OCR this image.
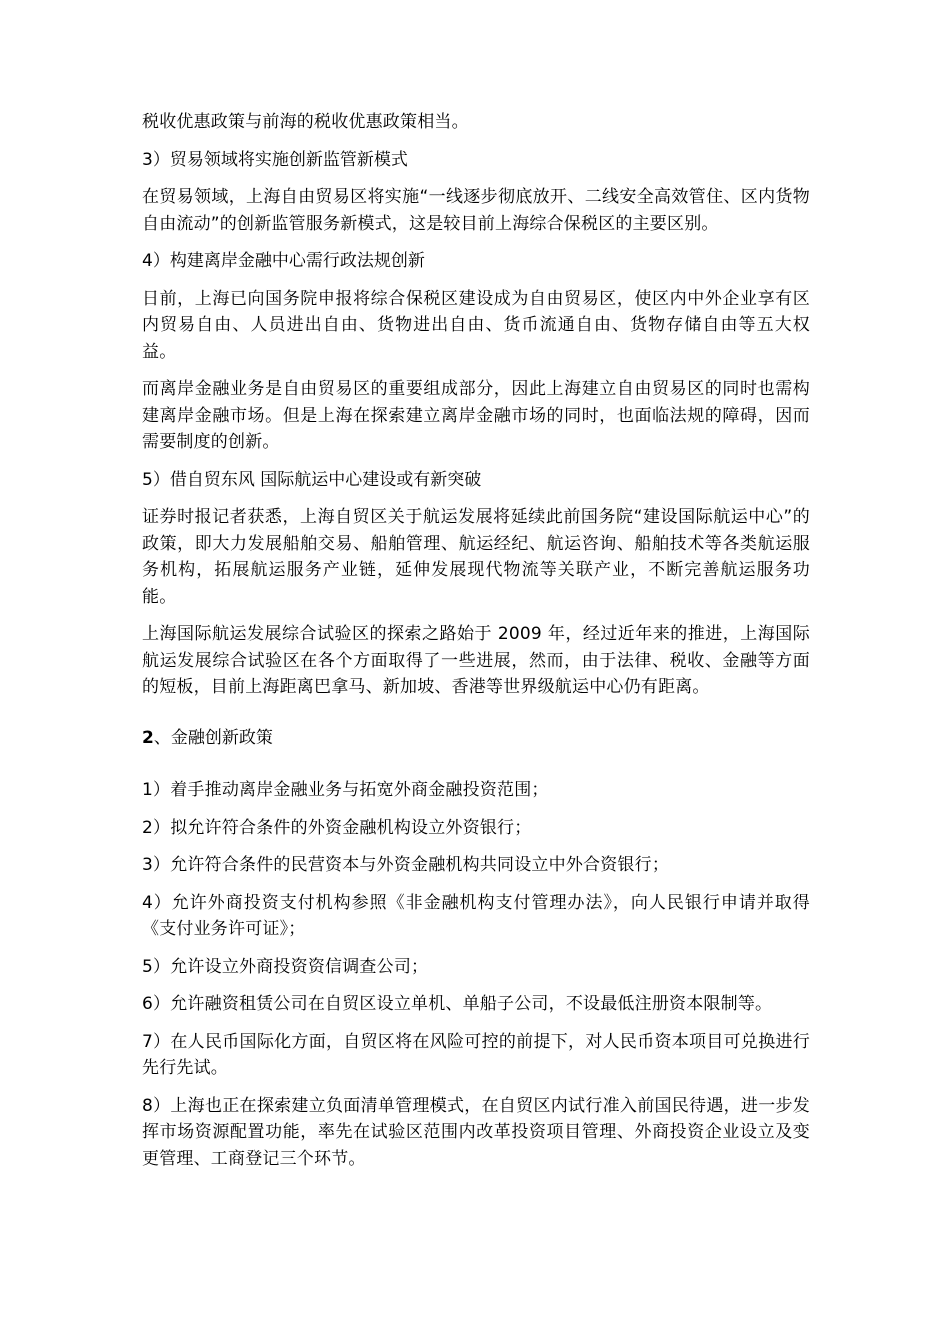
税收优惠政策与前海的税收优惠政策相当。

3）贸易领域将实施创新监管新模式

在贸易领域，上海自由贸易区将实施“一线逐步彻底放开、二线安全高效管住、区内货物自由流动”的创新监管服务新模式，这是较目前上海综合保税区的主要区别。

4）构建离岸金融中心需行政法规创新

日前，上海已向国务院申报将综合保税区建设成为自由贸易区，使区内中外企业享有区内贸易自由、人员进出自由、货物进出自由、货币流通自由、货物存储自由等五大权益。

而离岸金融业务是自由贸易区的重要组成部分，因此上海建立自由贸易区的同时也需构建离岸金融市场。但是上海在探索建立离岸金融市场的同时，也面临法规的障碍，因而需要制度的创新。

5）借自贸东风 国际航运中心建设或有新突破

证券时报记者获悉，上海自贸区关于航运发展将延续此前国务院“建设国际航运中心”的政策，即大力发展船舶交易、船舶管理、航运经纪、航运咨询、船舶技术等各类航运服务机构，拓展航运服务产业链，延伸发展现代物流等关联产业，不断完善航运服务功能。

上海国际航运发展综合试验区的探索之路始于 2009 年，经过近年来的推进，上海国际航运发展综合试验区在各个方面取得了一些进展，然而，由于法律、税收、金融等方面的短板，目前上海距离巴拿马、新加坡、香港等世界级航运中心仍有距离。

2、金融创新政策

1）着手推动离岸金融业务与拓宽外商金融投资范围；

2）拟允许符合条件的外资金融机构设立外资银行；

3）允许符合条件的民营资本与外资金融机构共同设立中外合资银行；

4）允许外商投资支付机构参照《非金融机构支付管理办法》，向人民银行申请并取得《支付业务许可证》；

5）允许设立外商投资资信调查公司；

6）允许融资租赁公司在自贸区设立单机、单船子公司，不设最低注册资本限制等。

7）在人民币国际化方面，自贸区将在风险可控的前提下，对人民币资本项目可兑换进行先行先试。

8）上海也正在探索建立负面清单管理模式，在自贸区内试行准入前国民待遇，进一步发挥市场资源配置功能，率先在试验区范围内改革投资项目管理、外商投资企业设立及变更管理、工商登记三个环节。
